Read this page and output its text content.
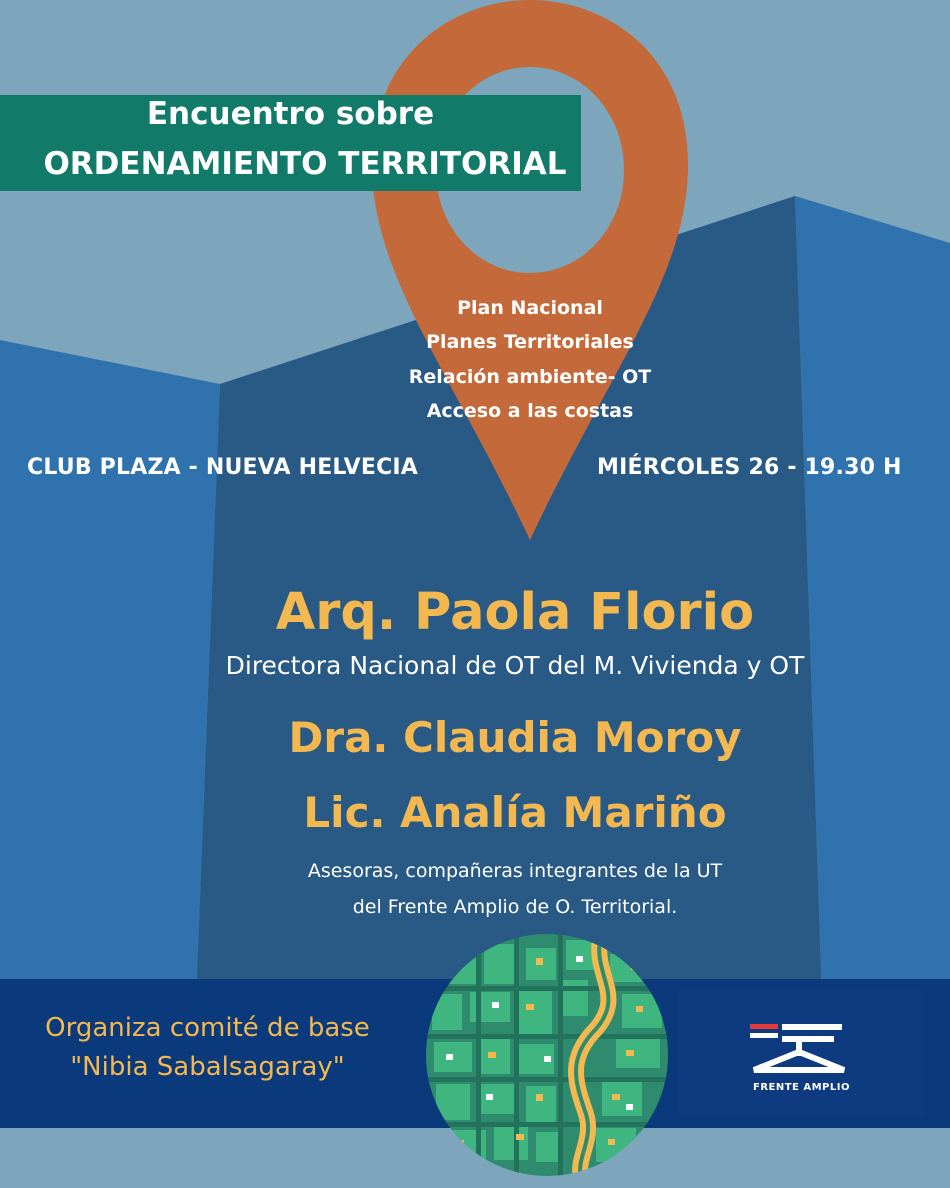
Encuentro sobre
ORDENAMIENTO TERRITORIAL
Plan Nacional
Planes Territoriales
Relación ambiente- OT
Acceso a las costas
CLUB PLAZA - NUEVA HELVECIA	MIÉRCOLES 26 - 19.30 H
Arq. Paola Florio
Directora Nacional de OT del M. Vivienda y OT
Dra. Claudia Moroy
Lic. Analía Mariño
Asesoras, compañeras integrantes de la UT
del Frente Amplio de O. Territorial.
Organiza comité de base
"Nibia Sabalsagaray"
FRENTE AMPLIO
